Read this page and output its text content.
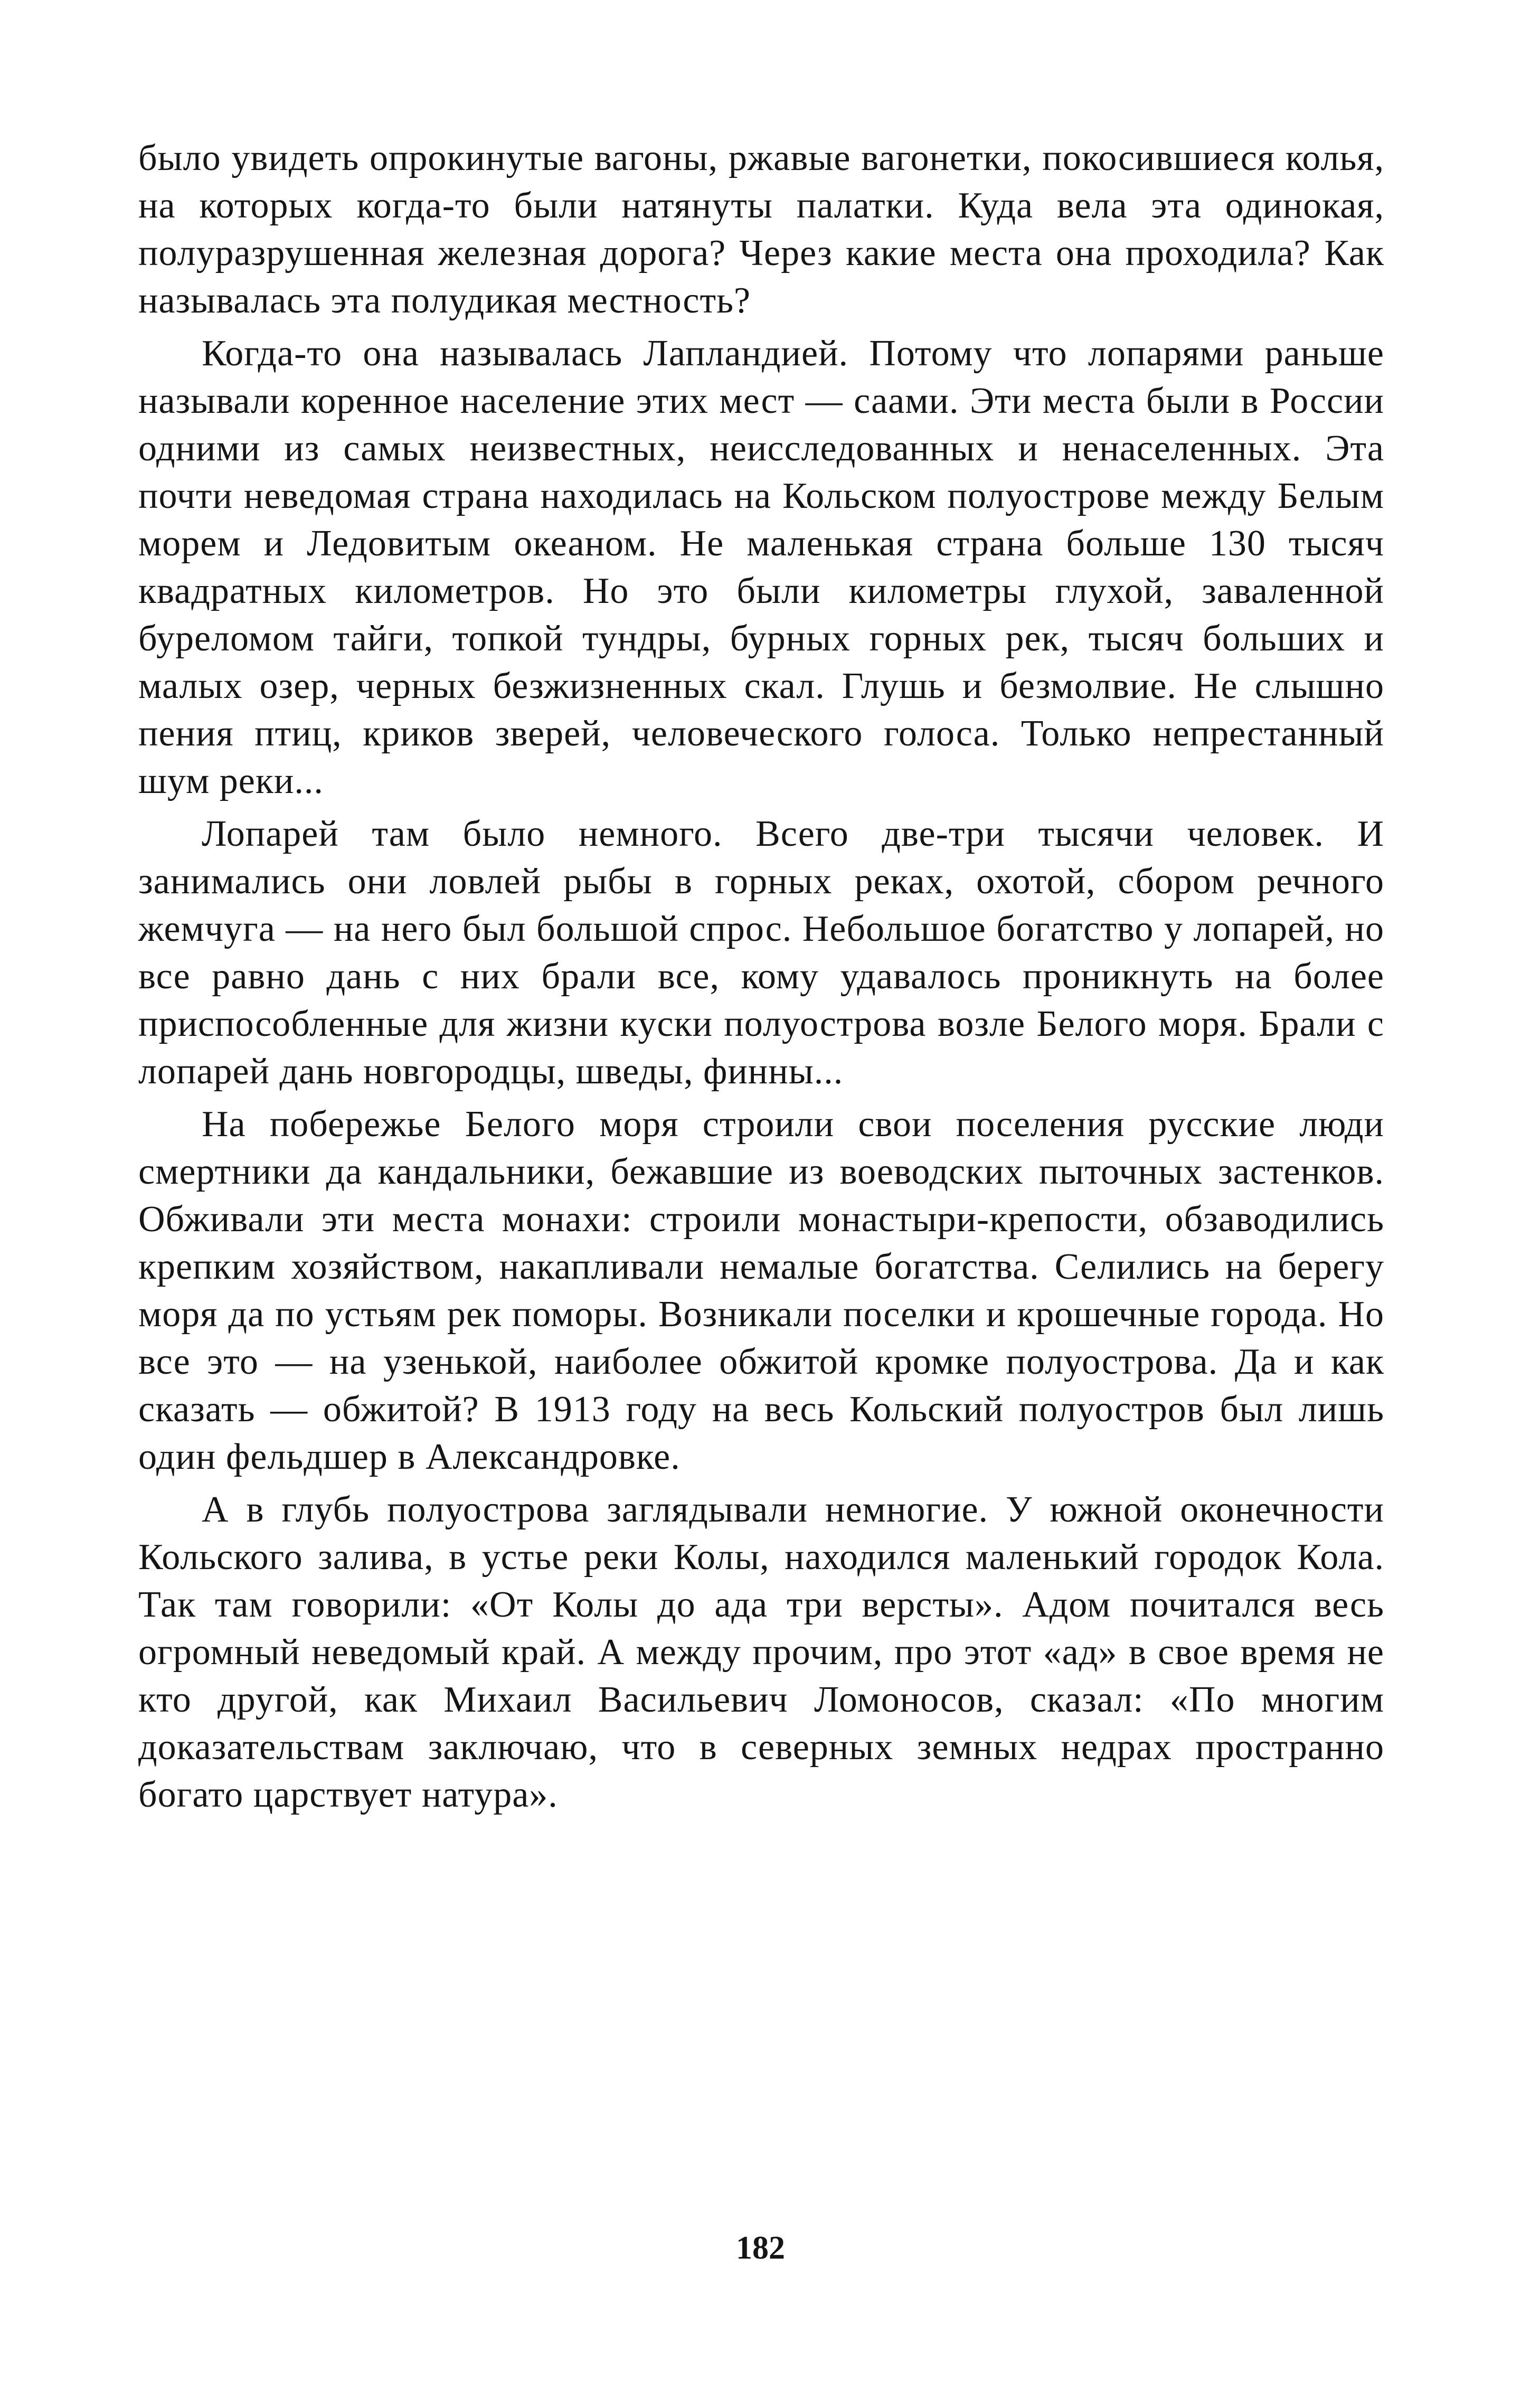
было увидеть опрокинутые вагоны, ржавые вагонетки, покосившиеся колья, на которых когда-то были натянуты палатки. Куда вела эта одинокая, полуразрушенная железная дорога? Через какие места она проходила? Как называлась эта полудикая местность?

Когда-то она называлась Лапландией. Потому что лопарями раньше называли коренное население этих мест — саами. Эти места были в России одними из самых неизвестных, неисследованных и ненаселенных. Эта почти неведомая страна находилась на Кольском полуострове между Белым морем и Ледовитым океаном. Не маленькая страна больше 130 тысяч квадратных километров. Но это были километры глухой, заваленной буреломом тайги, топкой тундры, бурных горных рек, тысяч больших и малых озер, черных безжизненных скал. Глушь и безмолвие. Не слышно пения птиц, криков зверей, человеческого голоса. Только непрестанный шум реки...

Лопарей там было немного. Всего две-три тысячи человек. И занимались они ловлей рыбы в горных реках, охотой, сбором речного жемчуга — на него был большой спрос. Небольшое богатство у лопарей, но все равно дань с них брали все, кому удавалось проникнуть на более приспособленные для жизни куски полуострова возле Белого моря. Брали с лопарей дань новгородцы, шведы, финны...

На побережье Белого моря строили свои поселения русские люди смертники да кандальники, бежавшие из воеводских пыточных застенков. Обживали эти места монахи: строили монастыри-крепости, обзаводились крепким хозяйством, накапливали немалые богатства. Селились на берегу моря да по устьям рек поморы. Возникали поселки и крошечные города. Но все это — на узенькой, наиболее обжитой кромке полуострова. Да и как сказать — обжитой? В 1913 году на весь Кольский полуостров был лишь один фельдшер в Александровке.

А в глубь полуострова заглядывали немногие. У южной оконечности Кольского залива, в устье реки Колы, находился маленький городок Кола. Так там говорили: «От Колы до ада три версты». Адом почитался весь огромный неведомый край. А между прочим, про этот «ад» в свое время не кто другой, как Михаил Васильевич Ломоносов, сказал: «По многим доказательствам заключаю, что в северных земных недрах пространно богато царствует натура».

182
